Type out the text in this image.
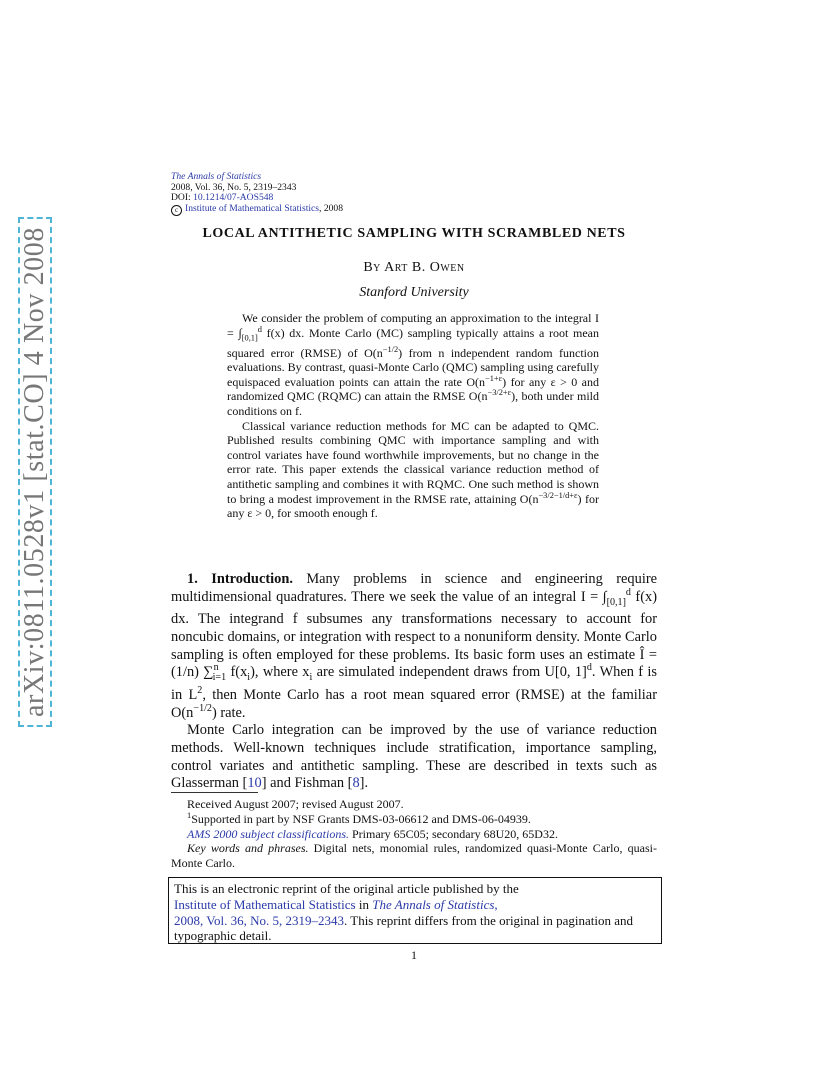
arXiv:0811.0528v1 [stat.CO] 4 Nov 2008
The Annals of Statistics
2008, Vol. 36, No. 5, 2319–2343
DOI: 10.1214/07-AOS548
c Institute of Mathematical Statistics, 2008
LOCAL ANTITHETIC SAMPLING WITH SCRAMBLED NETS
By Art B. Owen
Stanford University

We consider the problem of computing an approximation to the integral $I = \int_{[0,1]}^d$ f(x) dx. Monte Carlo (MC) sampling typically attains a root mean squared error (RMSE) of $O(n^{-1/2})$ from n independent random function evaluations. By contrast, quasi-Monte Carlo (QMC) sampling using carefully equispaced evaluation points can attain the rate $O(n^{-1+\varepsilon})$ for any ε > 0 and randomized QMC (RQMC) can attain the RMSE $O(n^{-3/2+\varepsilon})$, both under mild conditions on f.

Classical variance reduction methods for MC can be adapted to QMC. Published results combining QMC with importance sampling and with control variates have found worthwhile improvements, but no change in the error rate. This paper extends the classical variance reduction method of antithetic sampling and combines it with RQMC. One such method is shown to bring a modest improvement in the RMSE rate, attaining $O(n^{-3/2-1/d+\varepsilon})$ for any ε > 0, for smooth enough f.

1. Introduction. Many problems in science and engineering require multidimensional quadratures. There we seek the value of an integral $I = \int_{[0,1]}^d$ f(x) dx. The integrand f subsumes any transformations necessary to account for noncubic domains, or integration with respect to a nonuniform density. Monte Carlo sampling is often employed for these problems. Its basic form uses an estimate Î = (1/n) ∑$^n_{i=1}$ $f(x_i)$, where $x_i$ are simulated independent draws from U[0, 1]$^d$. When f is in $L^2$, then Monte Carlo has a root mean squared error (RMSE) at the familiar $O(n^{-1/2})$ rate.

Monte Carlo integration can be improved by the use of variance reduction methods. Well-known techniques include stratification, importance sampling, control variates and antithetic sampling. These are described in texts such as Glasserman [10] and Fishman [8].

Received August 2007; revised August 2007.

$^1$Supported in part by NSF Grants DMS-03-06612 and DMS-06-04939.

AMS 2000 subject classifications. Primary 65C05; secondary 68U20, 65D32.

Key words and phrases. Digital nets, monomial rules, randomized quasi-Monte Carlo, quasi-Monte Carlo.

This is an electronic reprint of the original article published by the
Institute of Mathematical Statistics in The Annals of Statistics,
2008, Vol. 36, No. 5, 2319–2343. This reprint differs from the original in pagination and typographic detail.
1
